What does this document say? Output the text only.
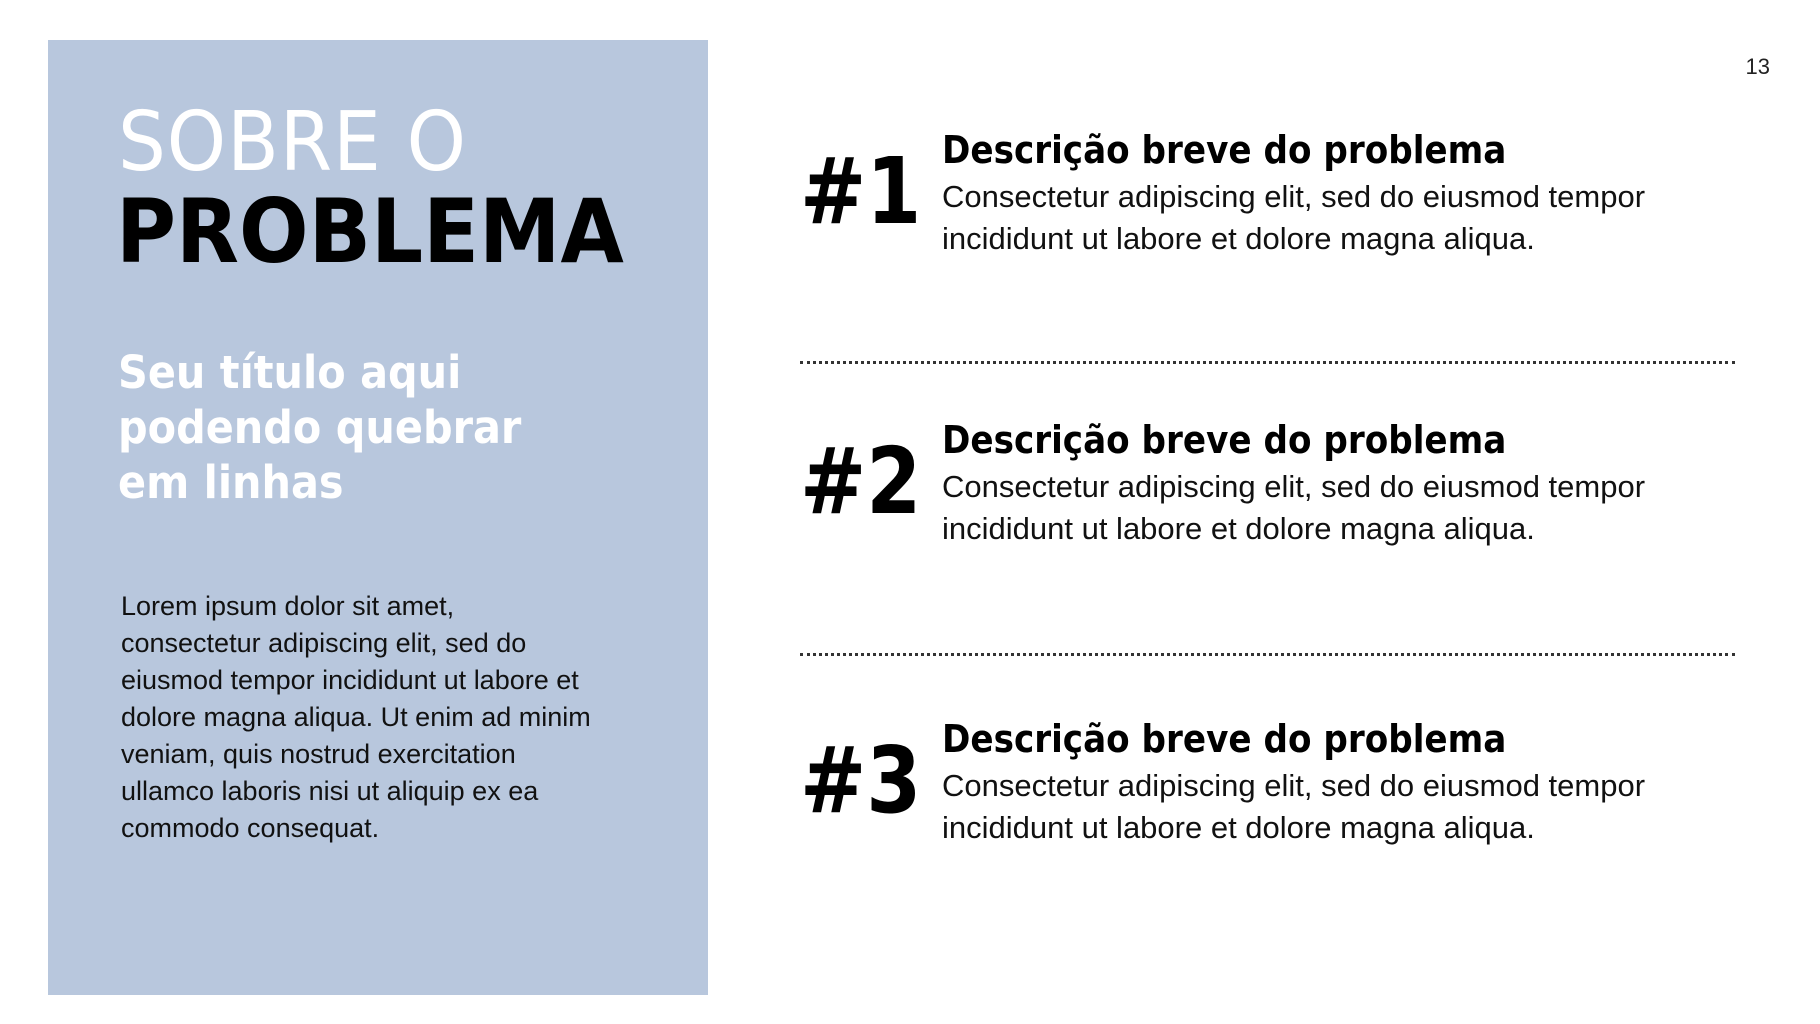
SOBRE O
PROBLEMA
Seu título aqui
podendo quebrar
em linhas
Lorem ipsum dolor sit amet,
consectetur adipiscing elit, sed do
eiusmod tempor incididunt ut labore et
dolore magna aliqua. Ut enim ad minim
veniam, quis nostrud exercitation
ullamco laboris nisi ut aliquip ex ea
commodo consequat.
13
#1 Descrição breve do problema
Consectetur adipiscing elit, sed do eiusmod tempor
incididunt ut labore et dolore magna aliqua.
#2 Descrição breve do problema
Consectetur adipiscing elit, sed do eiusmod tempor
incididunt ut labore et dolore magna aliqua.
#3 Descrição breve do problema
Consectetur adipiscing elit, sed do eiusmod tempor
incididunt ut labore et dolore magna aliqua.
